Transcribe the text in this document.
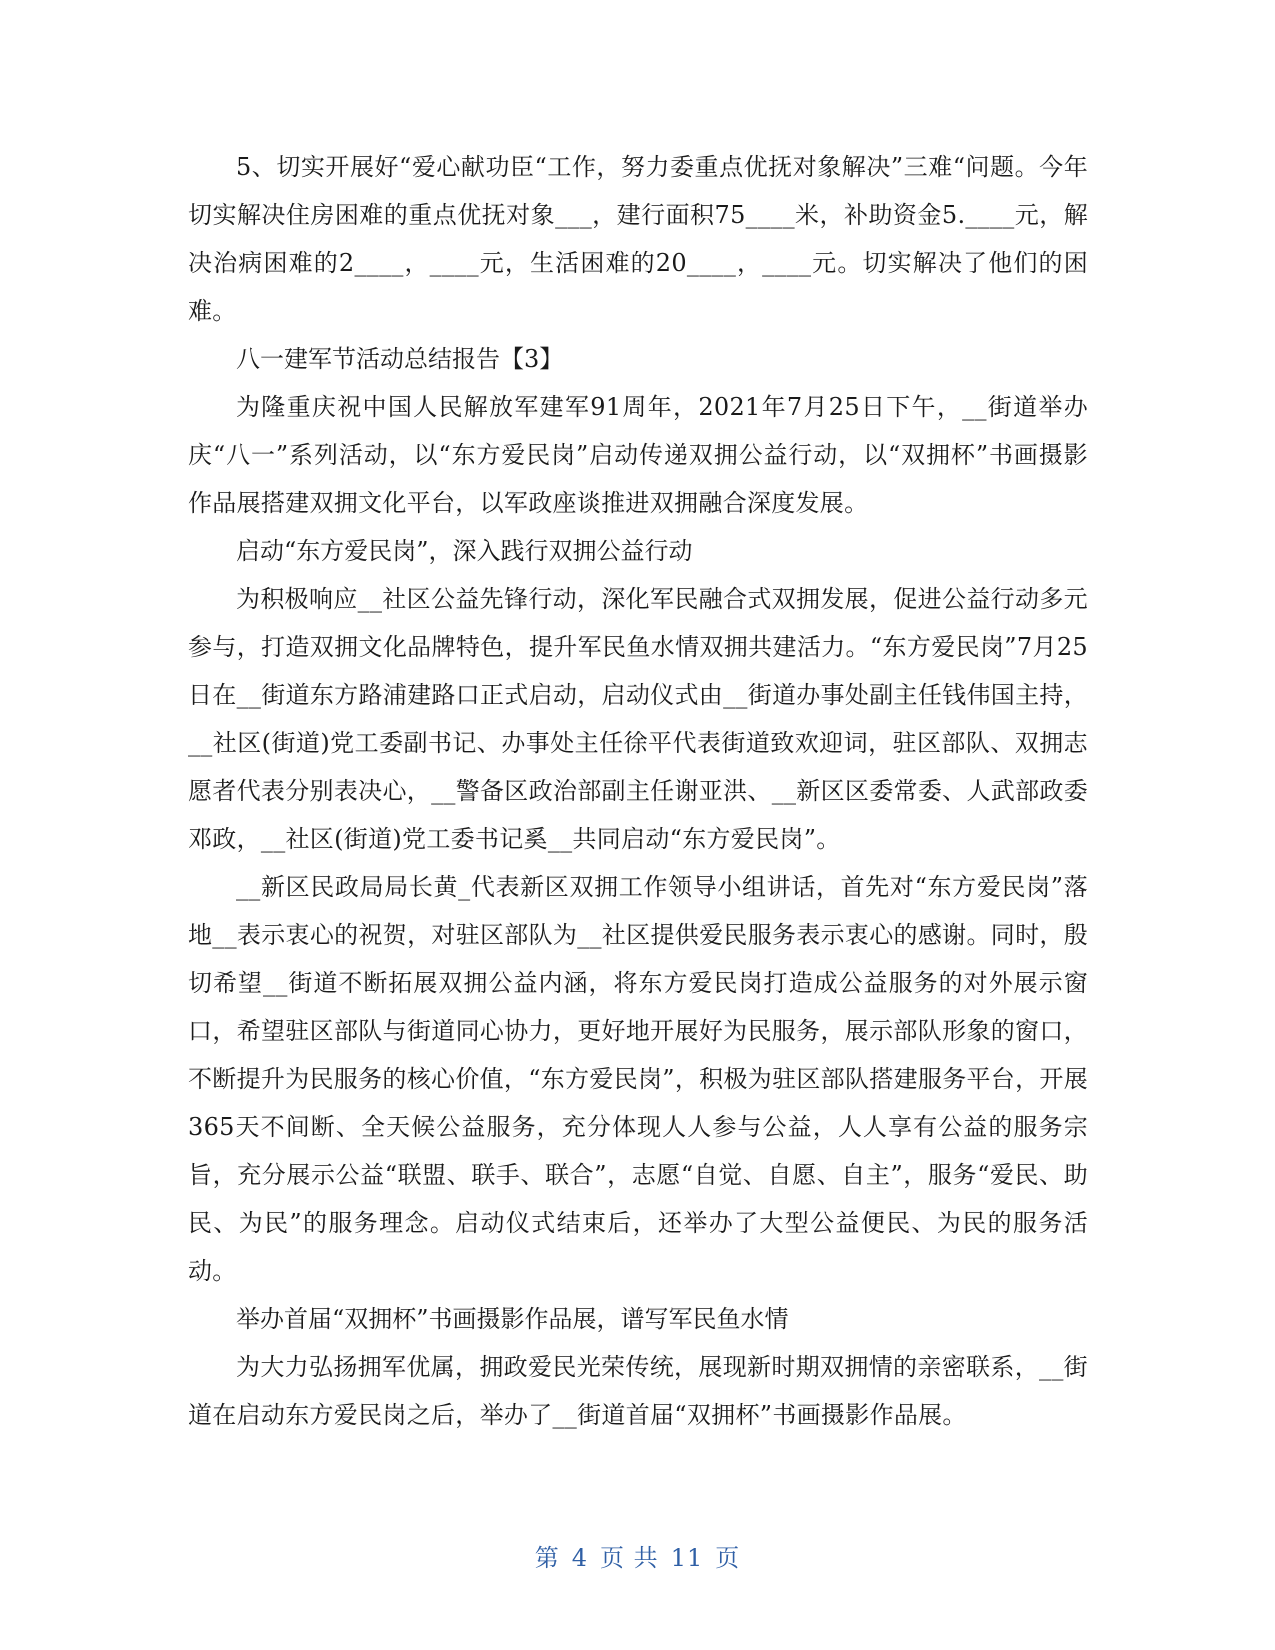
5、切实开展好“爱心献功臣“工作，努力委重点优抚对象解决”三难“问题。今年切实解决住房困难的重点优抚对象___，建行面积75____米，补助资金5.____元，解决治病困难的2____，____元，生活困难的20____，____元。切实解决了他们的困难。

八一建军节活动总结报告【3】

为隆重庆祝中国人民解放军建军91周年，2021年7月25日下午，__街道举办庆“八一”系列活动，以“东方爱民岗”启动传递双拥公益行动，以“双拥杯”书画摄影作品展搭建双拥文化平台，以军政座谈推进双拥融合深度发展。

启动“东方爱民岗”，深入践行双拥公益行动

为积极响应__社区公益先锋行动，深化军民融合式双拥发展，促进公益行动多元参与，打造双拥文化品牌特色，提升军民鱼水情双拥共建活力。“东方爱民岗”7月25日在__街道东方路浦建路口正式启动，启动仪式由__街道办事处副主任钱伟国主持，__社区(街道)党工委副书记、办事处主任徐平代表街道致欢迎词，驻区部队、双拥志愿者代表分别表决心，__警备区政治部副主任谢亚洪、__新区区委常委、人武部政委邓政，__社区(街道)党工委书记奚__共同启动“东方爱民岗”。

__新区民政局局长黄_代表新区双拥工作领导小组讲话，首先对“东方爱民岗”落地__表示衷心的祝贺，对驻区部队为__社区提供爱民服务表示衷心的感谢。同时，殷切希望__街道不断拓展双拥公益内涵，将东方爱民岗打造成公益服务的对外展示窗口，希望驻区部队与街道同心协力，更好地开展好为民服务，展示部队形象的窗口，不断提升为民服务的核心价值，“东方爱民岗”，积极为驻区部队搭建服务平台，开展365天不间断、全天候公益服务，充分体现人人参与公益，人人享有公益的服务宗旨，充分展示公益“联盟、联手、联合”，志愿“自觉、自愿、自主”，服务“爱民、助民、为民”的服务理念。启动仪式结束后，还举办了大型公益便民、为民的服务活动。

举办首届“双拥杯”书画摄影作品展，谱写军民鱼水情

为大力弘扬拥军优属，拥政爱民光荣传统，展现新时期双拥情的亲密联系，__街道在启动东方爱民岗之后，举办了__街道首届“双拥杯”书画摄影作品展。

第 4 页 共 11 页
